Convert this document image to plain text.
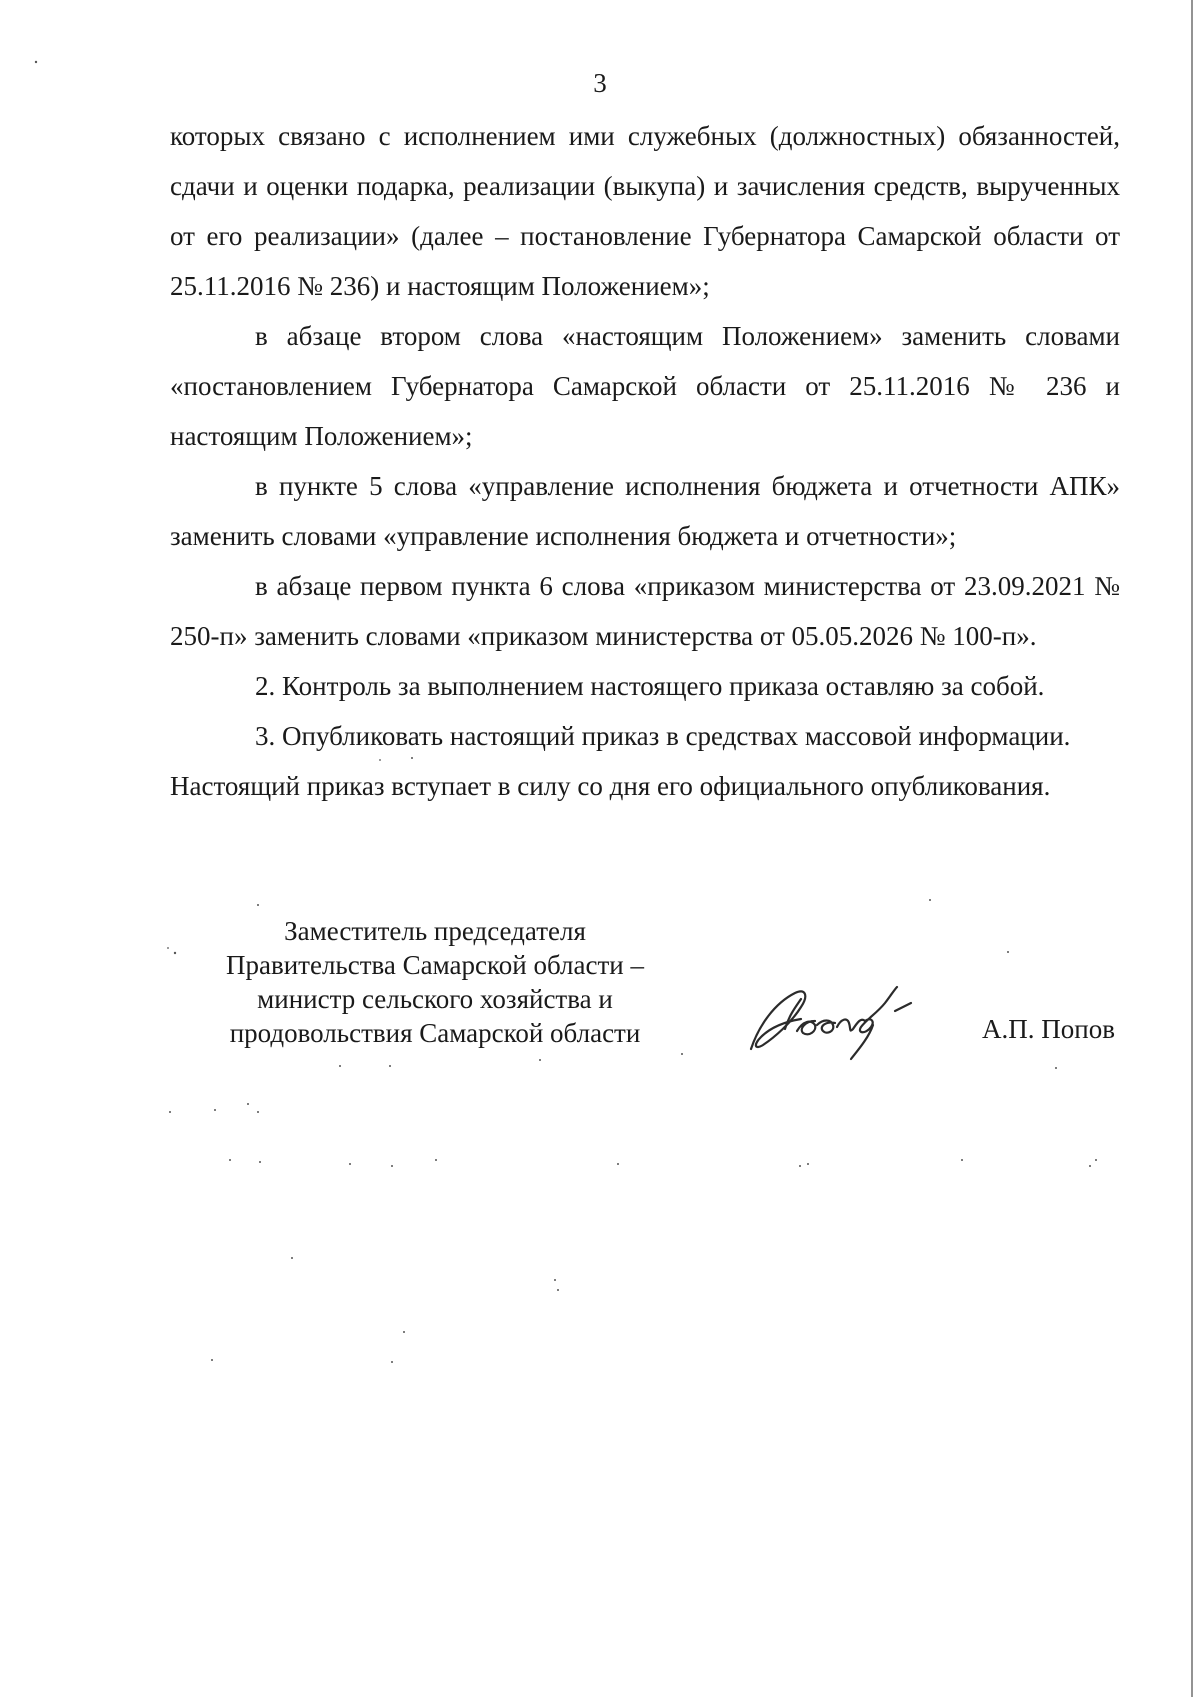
3

которых связано с исполнением ими служебных (должностных) обязанностей, сдачи и оценки подарка, реализации (выкупа) и зачисления средств, вырученных от его реализации» (далее – постановление Губернатора Самарской области от 25.11.2016 № 236) и настоящим Положением»;

в абзаце втором слова «настоящим Положением» заменить словами «постановлением Губернатора Самарской области от 25.11.2016 № 236 и настоящим Положением»;

в пункте 5 слова «управление исполнения бюджета и отчетности АПК» заменить словами «управление исполнения бюджета и отчетности»;

в абзаце первом пункта 6 слова «приказом министерства от 23.09.2021 № 250-п» заменить словами «приказом министерства от 05.05.2026 № 100-п».

2. Контроль за выполнением настоящего приказа оставляю за собой.

3. Опубликовать настоящий приказ в средствах массовой информации.

Настоящий приказ вступает в силу со дня его официального опубликования.

Заместитель председателя
Правительства Самарской области –
министр сельского хозяйства и
продовольствия Самарской области	А.П. Попов
